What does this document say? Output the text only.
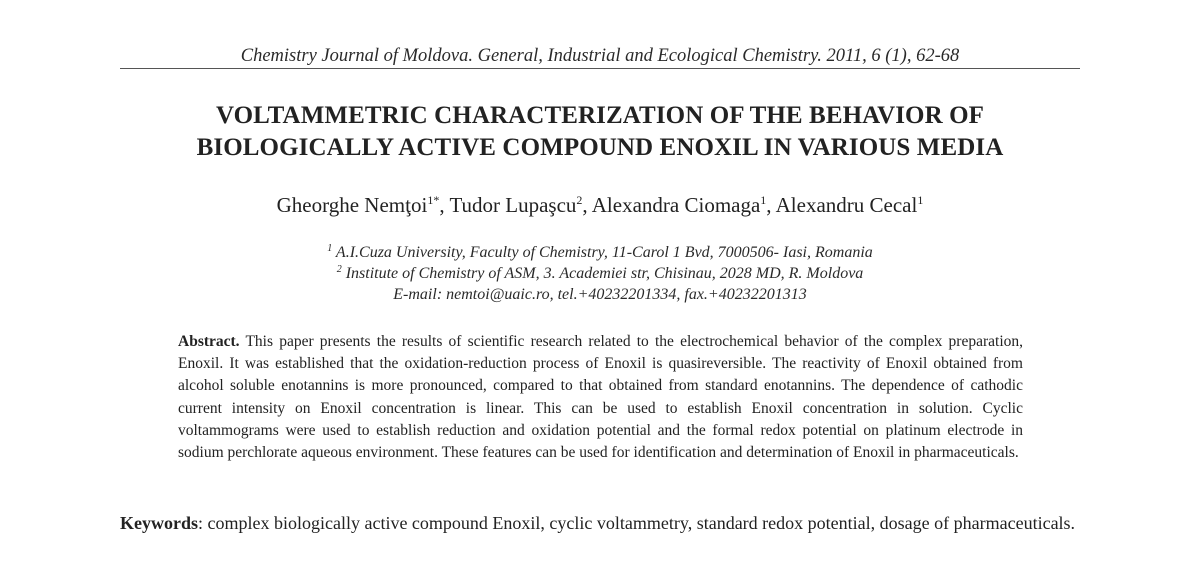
Chemistry Journal of Moldova. General, Industrial and Ecological Chemistry. 2011, 6 (1), 62-68
VOLTAMMETRIC CHARACTERIZATION OF THE BEHAVIOR OF
BIOLOGICALLY ACTIVE COMPOUND ENOXIL IN VARIOUS MEDIA
Gheorghe Nemţoi$^{1*}$, Tudor Lupaşcu$^2$, Alexandra Ciomaga$^1$, Alexandru Cecal$^1$
$^1$ A.I.Cuza University, Faculty of Chemistry, 11-Carol 1 Bvd, 7000506- Iasi, Romania
$^2$ Institute of Chemistry of ASM, 3. Academiei str, Chisinau, 2028 MD, R. Moldova
E-mail: nemtoi@uaic.ro, tel.+40232201334, fax.+40232201313
Abstract. This paper presents the results of scientific research related to the electrochemical behavior of the complex preparation, Enoxil. It was established that the oxidation-reduction process of Enoxil is quasireversible. The reactivity of Enoxil obtained from alcohol soluble enotannins is more pronounced, compared to that obtained from standard enotannins. The dependence of cathodic current intensity on Enoxil concentration is linear. This can be used to establish Enoxil concentration in solution. Cyclic voltammograms were used to establish reduction and oxidation potential and the formal redox potential on platinum electrode in sodium perchlorate aqueous environment. These features can be used for identification and determination of Enoxil in pharmaceuticals.
Keywords: complex biologically active compound Enoxil, cyclic voltammetry, standard redox potential, dosage of pharmaceuticals.
